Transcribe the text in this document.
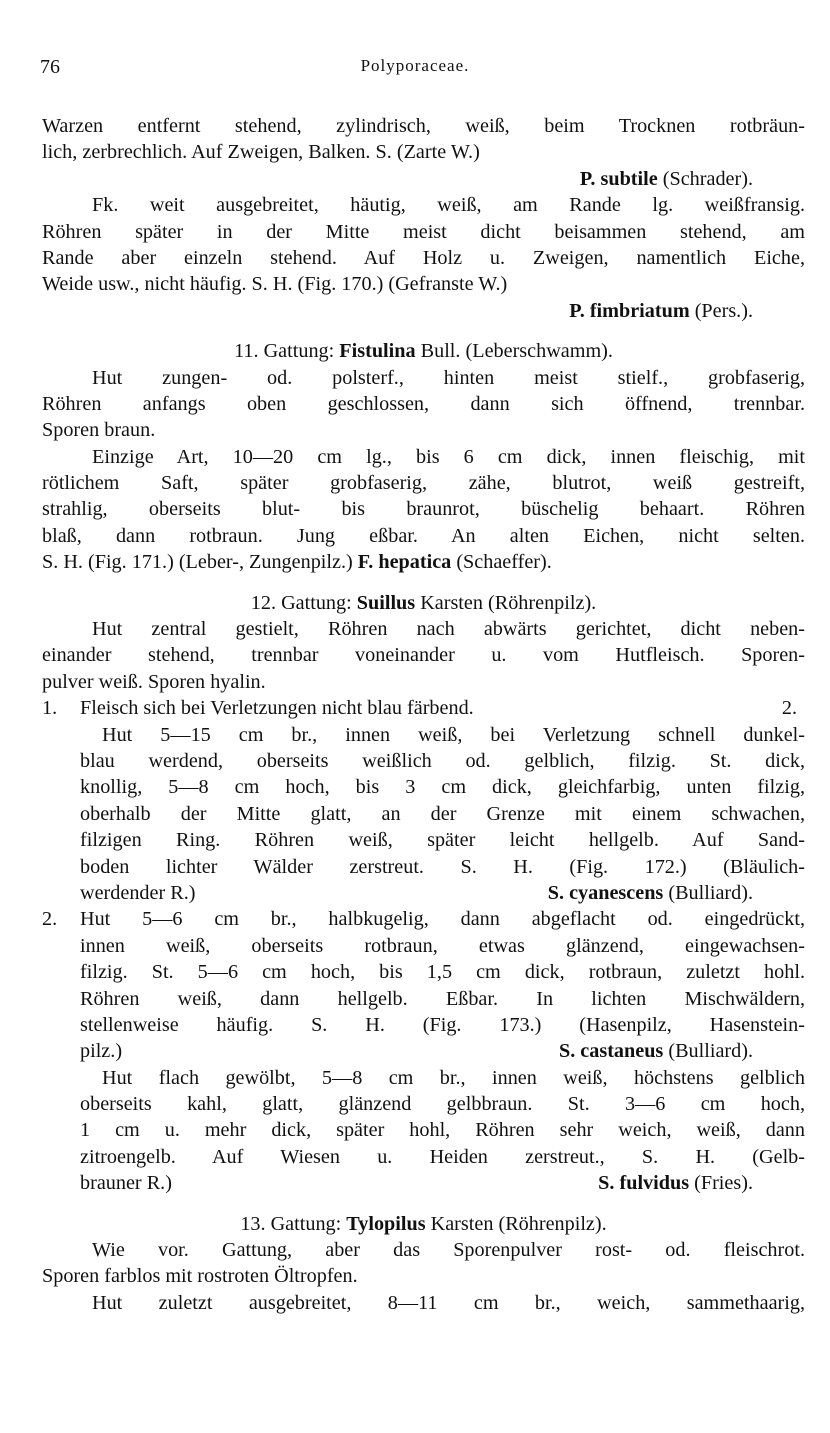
76	Polyporaceae.
Warzen entfernt stehend, zylindrisch, weiß, beim Trocknen rotbräun-
lich, zerbrechlich. Auf Zweigen, Balken. S. (Zarte W.)
P. subtile (Schrader).
Fk. weit ausgebreitet, häutig, weiß, am Rande lg. weißfransig.
Röhren später in der Mitte meist dicht beisammen stehend, am
Rande aber einzeln stehend. Auf Holz u. Zweigen, namentlich Eiche,
Weide usw., nicht häufig. S. H. (Fig. 170.) (Gefranste W.)
P. fimbriatum (Pers.).
11. Gattung: Fistulina Bull. (Leberschwamm).
Hut zungen- od. polsterf., hinten meist stielf., grobfaserig,
Röhren anfangs oben geschlossen, dann sich öffnend, trennbar.
Sporen braun.
Einzige Art, 10—20 cm lg., bis 6 cm dick, innen fleischig, mit
rötlichem Saft, später grobfaserig, zähe, blutrot, weiß gestreift,
strahlig, oberseits blut- bis braunrot, büschelig behaart. Röhren
blaß, dann rotbraun. Jung eßbar. An alten Eichen, nicht selten.
S. H. (Fig. 171.) (Leber-, Zungenpilz.) F. hepatica (Schaeffer).
12. Gattung: Suillus Karsten (Röhrenpilz).
Hut zentral gestielt, Röhren nach abwärts gerichtet, dicht neben-
einander stehend, trennbar voneinander u. vom Hutfleisch. Sporen-
pulver weiß. Sporen hyalin.
1. Fleisch sich bei Verletzungen nicht blau färbend.	2.
Hut 5—15 cm br., innen weiß, bei Verletzung schnell dunkel-
blau werdend, oberseits weißlich od. gelblich, filzig. St. dick,
knollig, 5—8 cm hoch, bis 3 cm dick, gleichfarbig, unten filzig,
oberhalb der Mitte glatt, an der Grenze mit einem schwachen,
filzigen Ring. Röhren weiß, später leicht hellgelb. Auf Sand-
boden lichter Wälder zerstreut. S. H. (Fig. 172.) (Bläulich-
werdender R.)	S. cyanescens (Bulliard).
2. Hut 5—6 cm br., halbkugelig, dann abgeflacht od. eingedrückt,
innen weiß, oberseits rotbraun, etwas glänzend, eingewachsen-
filzig. St. 5—6 cm hoch, bis 1,5 cm dick, rotbraun, zuletzt hohl.
Röhren weiß, dann hellgelb. Eßbar. In lichten Mischwäldern,
stellenweise häufig. S. H. (Fig. 173.) (Hasenpilz, Hasenstein-
pilz.)	S. castaneus (Bulliard).
Hut flach gewölbt, 5—8 cm br., innen weiß, höchstens gelblich
oberseits kahl, glatt, glänzend gelbbraun. St. 3—6 cm hoch,
1 cm u. mehr dick, später hohl, Röhren sehr weich, weiß, dann
zitroengelb. Auf Wiesen u. Heiden zerstreut., S. H. (Gelb-
brauner R.)	S. fulvidus (Fries).
13. Gattung: Tylopilus Karsten (Röhrenpilz).
Wie vor. Gattung, aber das Sporenpulver rost- od. fleischrot.
Sporen farblos mit rostroten Öltropfen.
Hut zuletzt ausgebreitet, 8—11 cm br., weich, sammethaarig,
